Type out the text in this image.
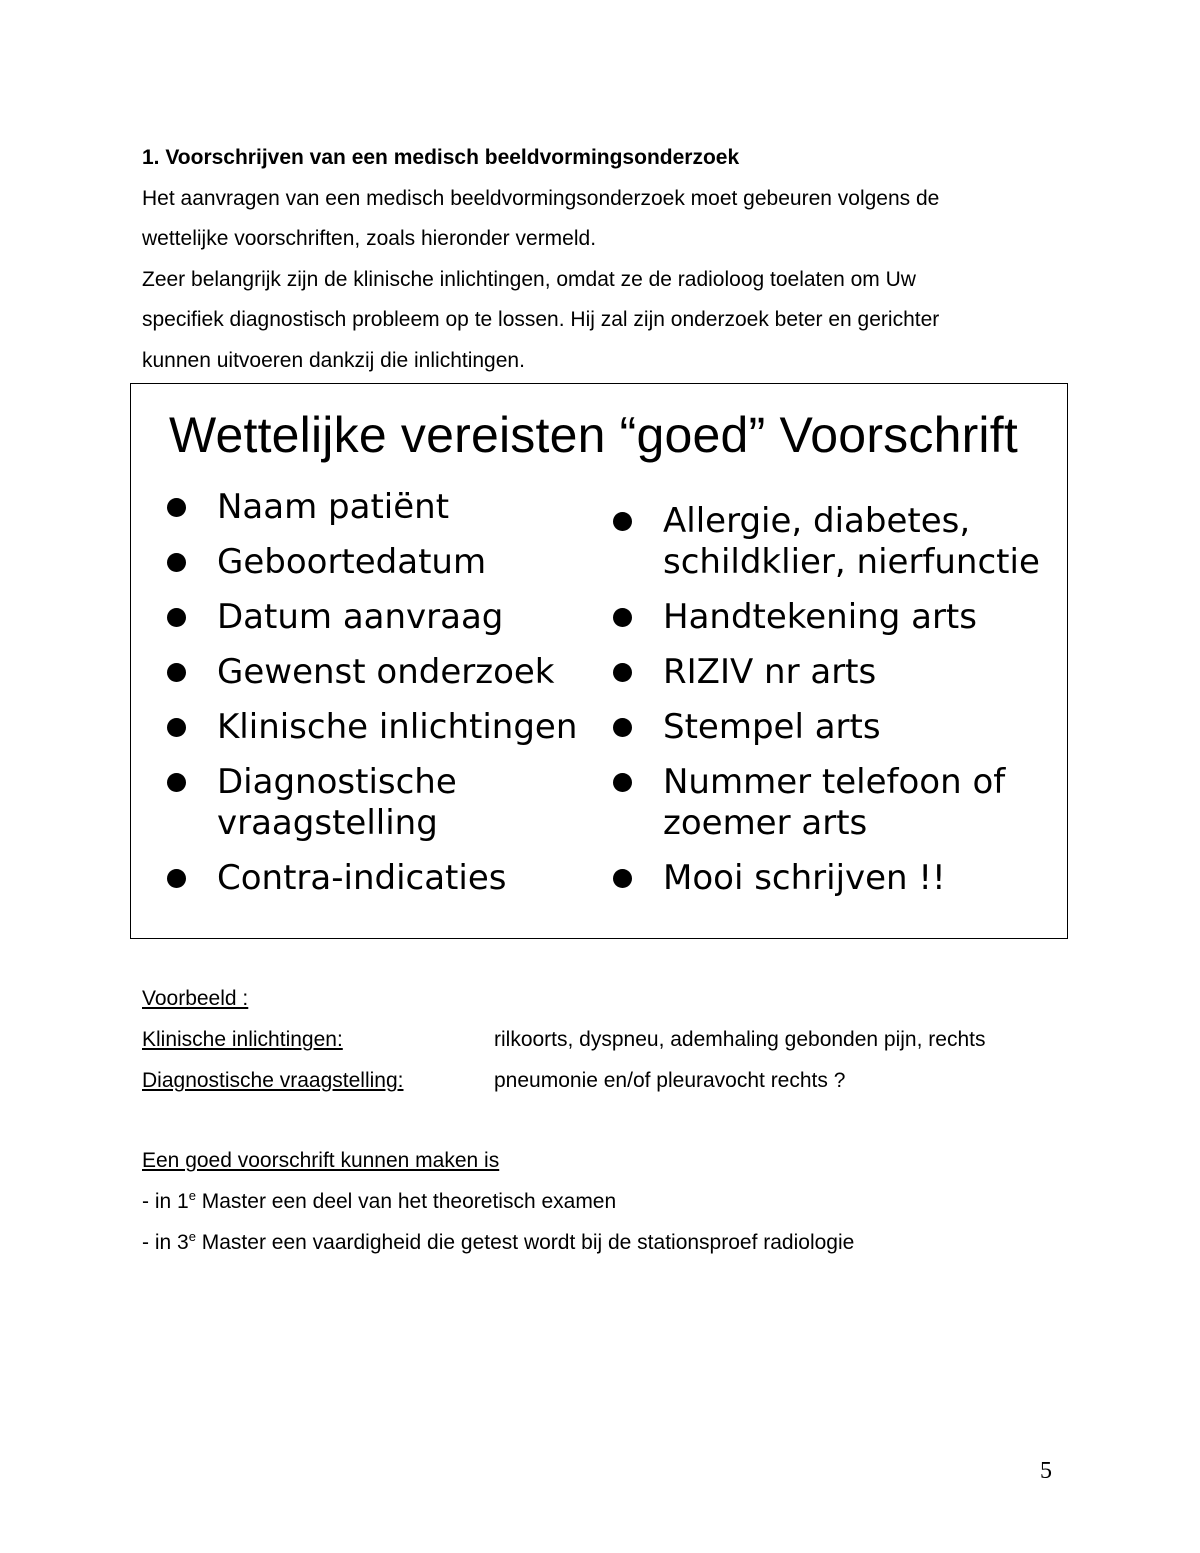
1. Voorschrijven van een medisch beeldvormingsonderzoek
Het aanvragen van een medisch beeldvormingsonderzoek moet gebeuren volgens de
wettelijke voorschriften, zoals hieronder vermeld.
Zeer belangrijk zijn de klinische inlichtingen, omdat ze de radioloog toelaten om Uw
specifiek diagnostisch probleem op te lossen. Hij zal zijn onderzoek beter en gerichter
kunnen uitvoeren dankzij die inlichtingen.
Wettelijke vereisten “goed” Voorschrift
Naam patiënt
Geboortedatum
Datum aanvraag
Gewenst onderzoek
Klinische inlichtingen
Diagnostische vraagstelling
Contra-indicaties
Allergie, diabetes, schildklier, nierfunctie
Handtekening arts
RIZIV nr arts
Stempel arts
Nummer telefoon of zoemer arts
Mooi schrijven !!
Voorbeeld :
Klinische inlichtingen:	rilkoorts, dyspneu, ademhaling gebonden pijn, rechts
Diagnostische vraagstelling:	pneumonie en/of pleuravocht rechts ?
Een goed voorschrift kunnen maken is
- in 1e Master een deel van het theoretisch examen
- in 3e Master een vaardigheid die getest wordt bij de stationsproef radiologie
5
